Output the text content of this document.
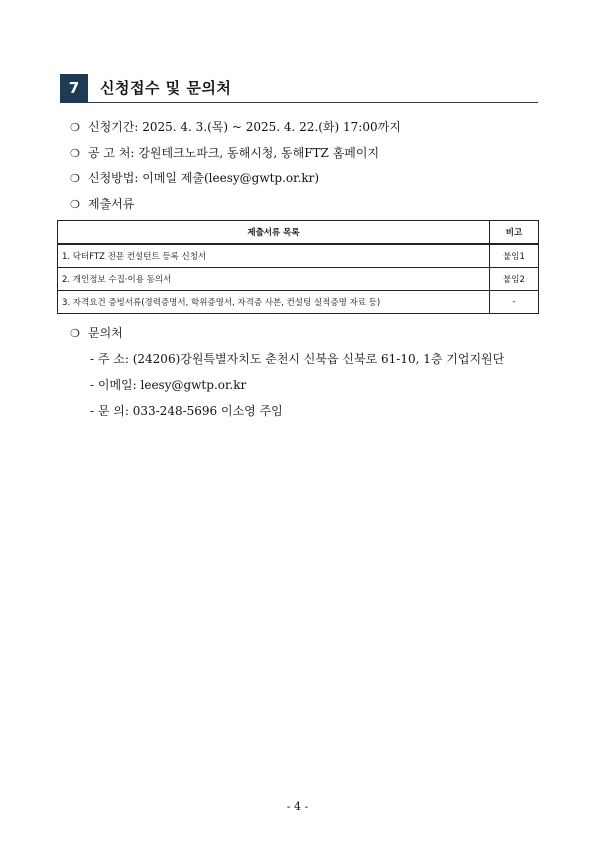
7	신청접수 및 문의처
❍ 신청기간: 2025. 4. 3.(목) ~ 2025. 4. 22.(화) 17:00까지
❍ 공 고 처: 강원테크노파크, 동해시청, 동해FTZ 홈페이지
❍ 신청방법: 이메일 제출(leesy@gwtp.or.kr)
❍ 제출서류
제출서류 목록	비고
1. 닥터FTZ 전문 컨설턴트 등록 신청서	붙임1
2. 개인정보 수집·이용 동의서	붙임2
3. 자격요건 증빙서류(경력증명서, 학위증명서, 자격증 사본, 컨설팅 실적증명 자료 등)	-
❍ 문의처
- 주 소: (24206)강원특별자치도 춘천시 신북읍 신북로 61-10, 1층 기업지원단
- 이메일: leesy@gwtp.or.kr
- 문 의: 033-248-5696 이소영 주임
- 4 -
